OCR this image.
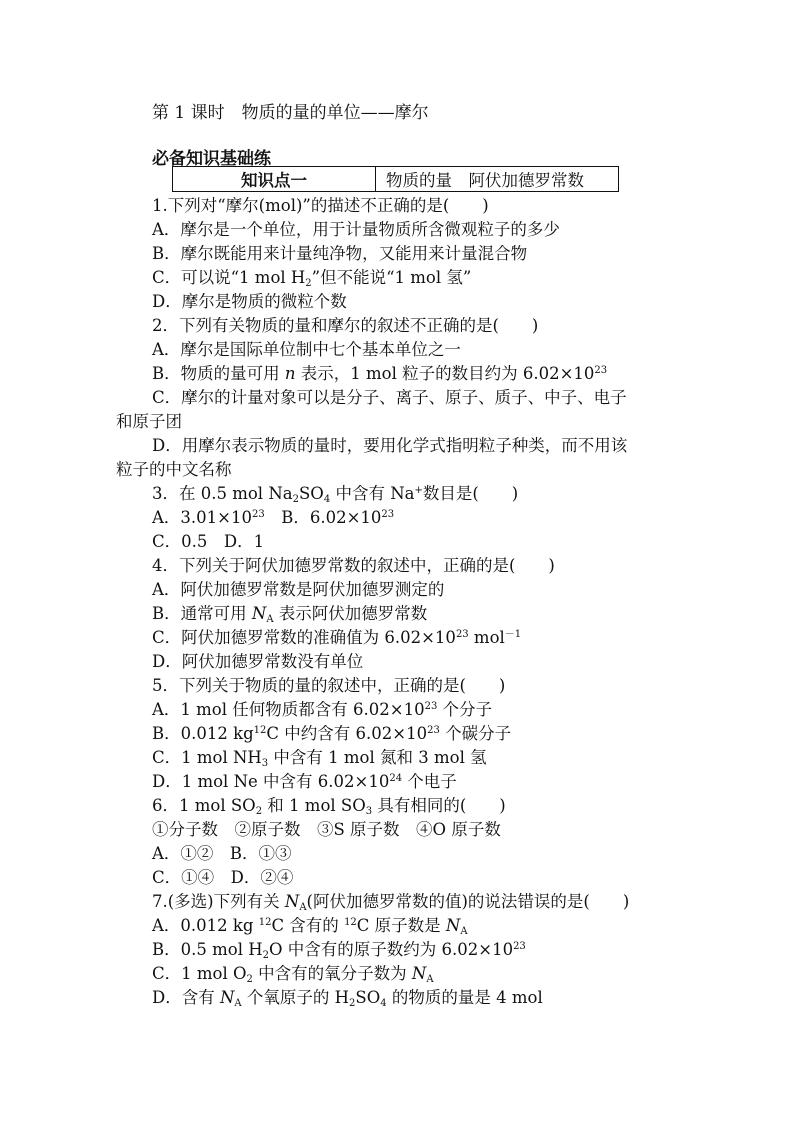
第 1 课时　物质的量的单位——摩尔
必备知识基础练
知识点一	物质的量　阿伏加德罗常数
1.下列对“摩尔(mol)”的描述不正确的是(　　)
A．摩尔是一个单位，用于计量物质所含微观粒子的多少
B．摩尔既能用来计量纯净物，又能用来计量混合物
C．可以说“1 mol $H_2$”但不能说“1 mol 氢”
D．摩尔是物质的微粒个数
2．下列有关物质的量和摩尔的叙述不正确的是(　　)
A．摩尔是国际单位制中七个基本单位之一
B．物质的量可用 n 表示，1 mol 粒子的数目约为 $6.02\times 10^{23}$
C．摩尔的计量对象可以是分子、离子、原子、质子、中子、电子
和原子团
D．用摩尔表示物质的量时，要用化学式指明粒子种类，而不用该
粒子的中文名称
3．在 0.5 mol $Na_2SO_4$ 中含有 Na+数目是(　　)
A．$3.01\times 10^{23}$　B．$6.02\times 10^{23}$
C．0.5　D．1
4．下列关于阿伏加德罗常数的叙述中，正确的是(　　)
A．阿伏加德罗常数是阿伏加德罗测定的
B．通常可用 $N_A$ 表示阿伏加德罗常数
C．阿伏加德罗常数的准确值为 $6.02\times 10^{23}$ mol$^{-1}$
D．阿伏加德罗常数没有单位
5．下列关于物质的量的叙述中，正确的是(　　)
A．1 mol 任何物质都含有 $6.02\times 10^{23}$ 个分子
B．0.012 $kg^{12}C$ 中约含有 $6.02\times 10^{23}$ 个碳分子
C．1 mol $NH_3$ 中含有 1 mol 氮和 3 mol 氢
D．1 mol Ne 中含有 $6.02\times 10^{24}$ 个电子
6．1 mol $SO_2$ 和 1 mol $SO_3$ 具有相同的(　　)
①分子数　②原子数　③S 原子数　④O 原子数
A．①②　B．①③
C．①④　D．②④
7.(多选)下列有关 $N_A$(阿伏加德罗常数的值)的说法错误的是(　　)
A．0.012 kg $^{12}$C 含有的 $^{12}$C 原子数是 $N_A$
B．0.5 mol $H_2O$ 中含有的原子数约为 $6.02\times 10^{23}$
C．1 mol $O_2$ 中含有的氧分子数为 $N_A$
D．含有 $N_A$ 个氧原子的 $H_2SO_4$ 的物质的量是 4 mol
